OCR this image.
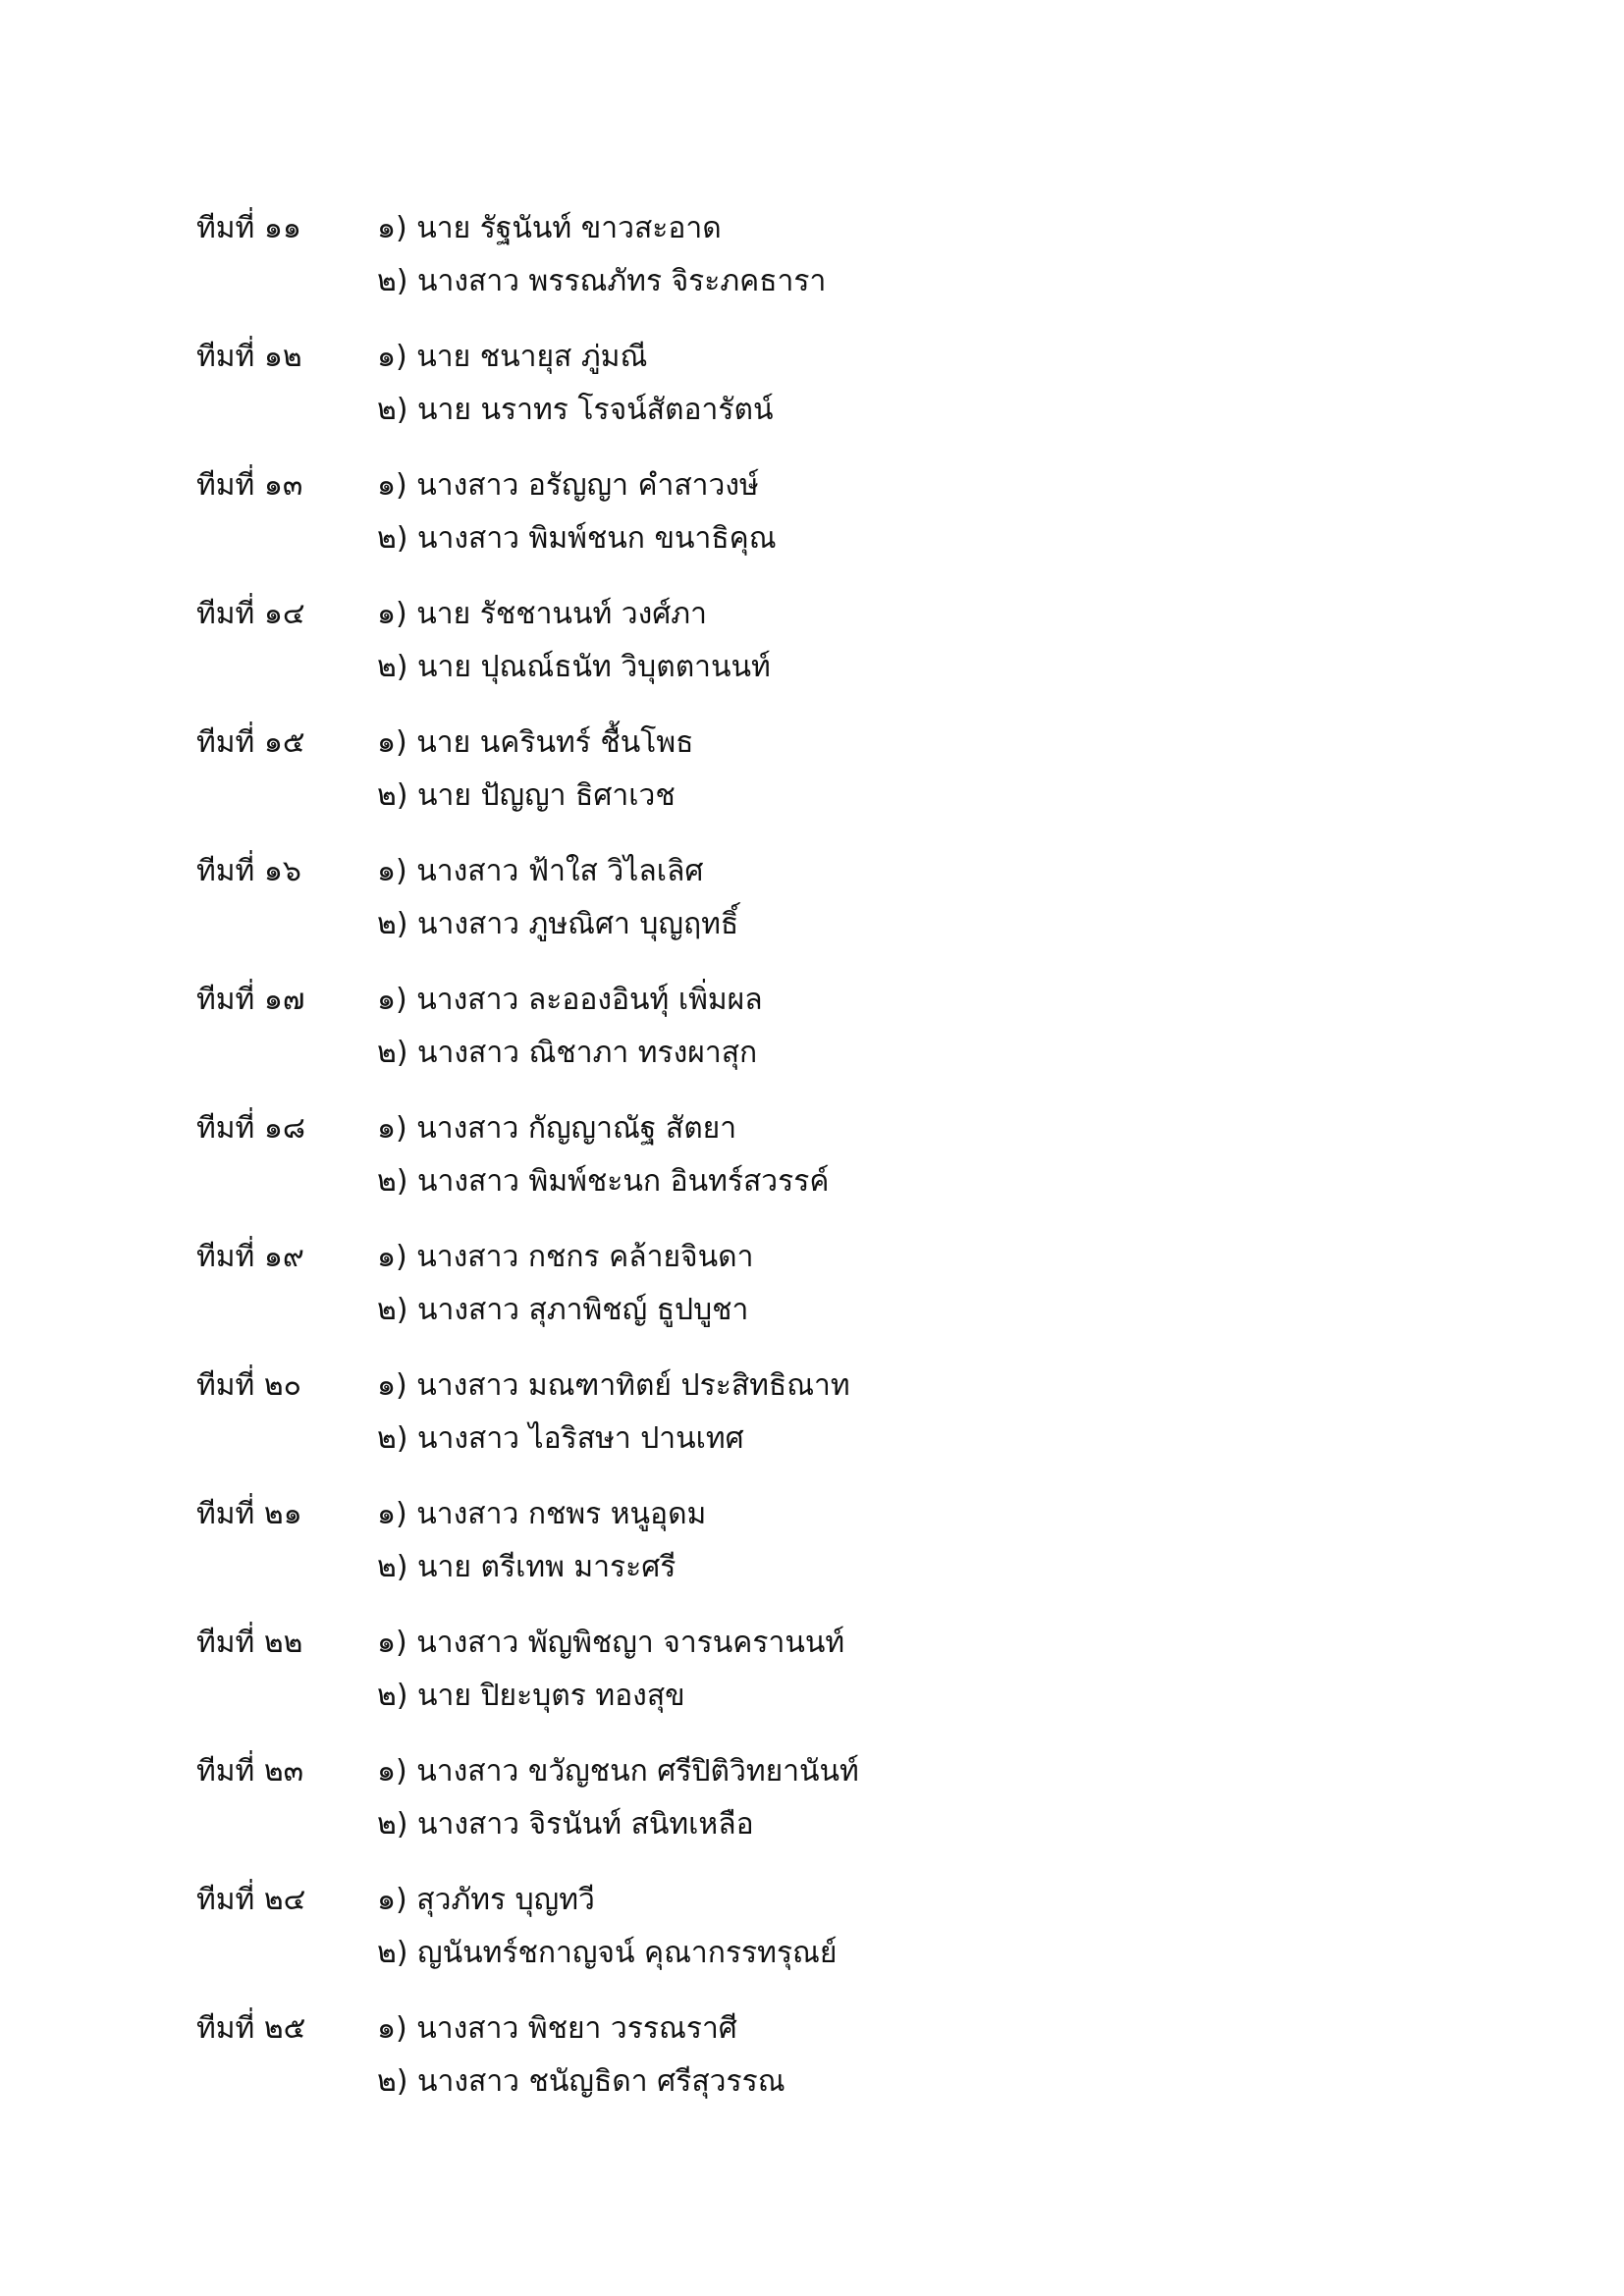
ทีมที่ ๑๑	๑) นาย รัฐนันท์ ขาวสะอาด
๒) นางสาว พรรณภัทร จิระภคธารา
ทีมที่ ๑๒	๑) นาย ชนายุส ภู่มณี
๒) นาย นราทร โรจน์สัตอารัตน์
ทีมที่ ๑๓	๑) นางสาว อรัญญา คำสาวงษ์
๒) นางสาว พิมพ์ชนก ขนาธิคุณ
ทีมที่ ๑๔	๑) นาย รัชชานนท์ วงศ์ภา
๒) นาย ปุณณ์ธนัท วิบุตตานนท์
ทีมที่ ๑๕	๑) นาย นครินทร์ ชื้นโพธ
๒) นาย ปัญญา ธิศาเวช
ทีมที่ ๑๖	๑) นางสาว ฟ้าใส วิไลเลิศ
๒) นางสาว ภูษณิศา บุญฤทธิ์
ทีมที่ ๑๗	๑) นางสาว ละอองอินทุ์ เพิ่มผล
๒) นางสาว ณิชาภา ทรงผาสุก
ทีมที่ ๑๘	๑) นางสาว กัญญาณัฐ สัตยา
๒) นางสาว พิมพ์ชะนก อินทร์สวรรค์
ทีมที่ ๑๙	๑) นางสาว กชกร คล้ายจินดา
๒) นางสาว สุภาพิชญ์ ธูปบูชา
ทีมที่ ๒๐	๑) นางสาว มณฑาทิตย์ ประสิทธิณาท
๒) นางสาว ไอริสษา ปานเทศ
ทีมที่ ๒๑	๑) นางสาว กชพร หนูอุดม
๒) นาย ตรีเทพ มาระศรี
ทีมที่ ๒๒	๑) นางสาว พัญพิชญา จารนครานนท์
๒) นาย ปิยะบุตร ทองสุข
ทีมที่ ๒๓	๑) นางสาว ขวัญชนก ศรีปิติวิทยานันท์
๒) นางสาว จิรนันท์ สนิทเหลือ
ทีมที่ ๒๔	๑) สุวภัทร บุญทวี
๒) ญนันทร์ชกาญจน์ คุณากรรทรุณย์
ทีมที่ ๒๕	๑) นางสาว พิชยา วรรณราศี
๒) นางสาว ชนัญธิดา ศรีสุวรรณ
